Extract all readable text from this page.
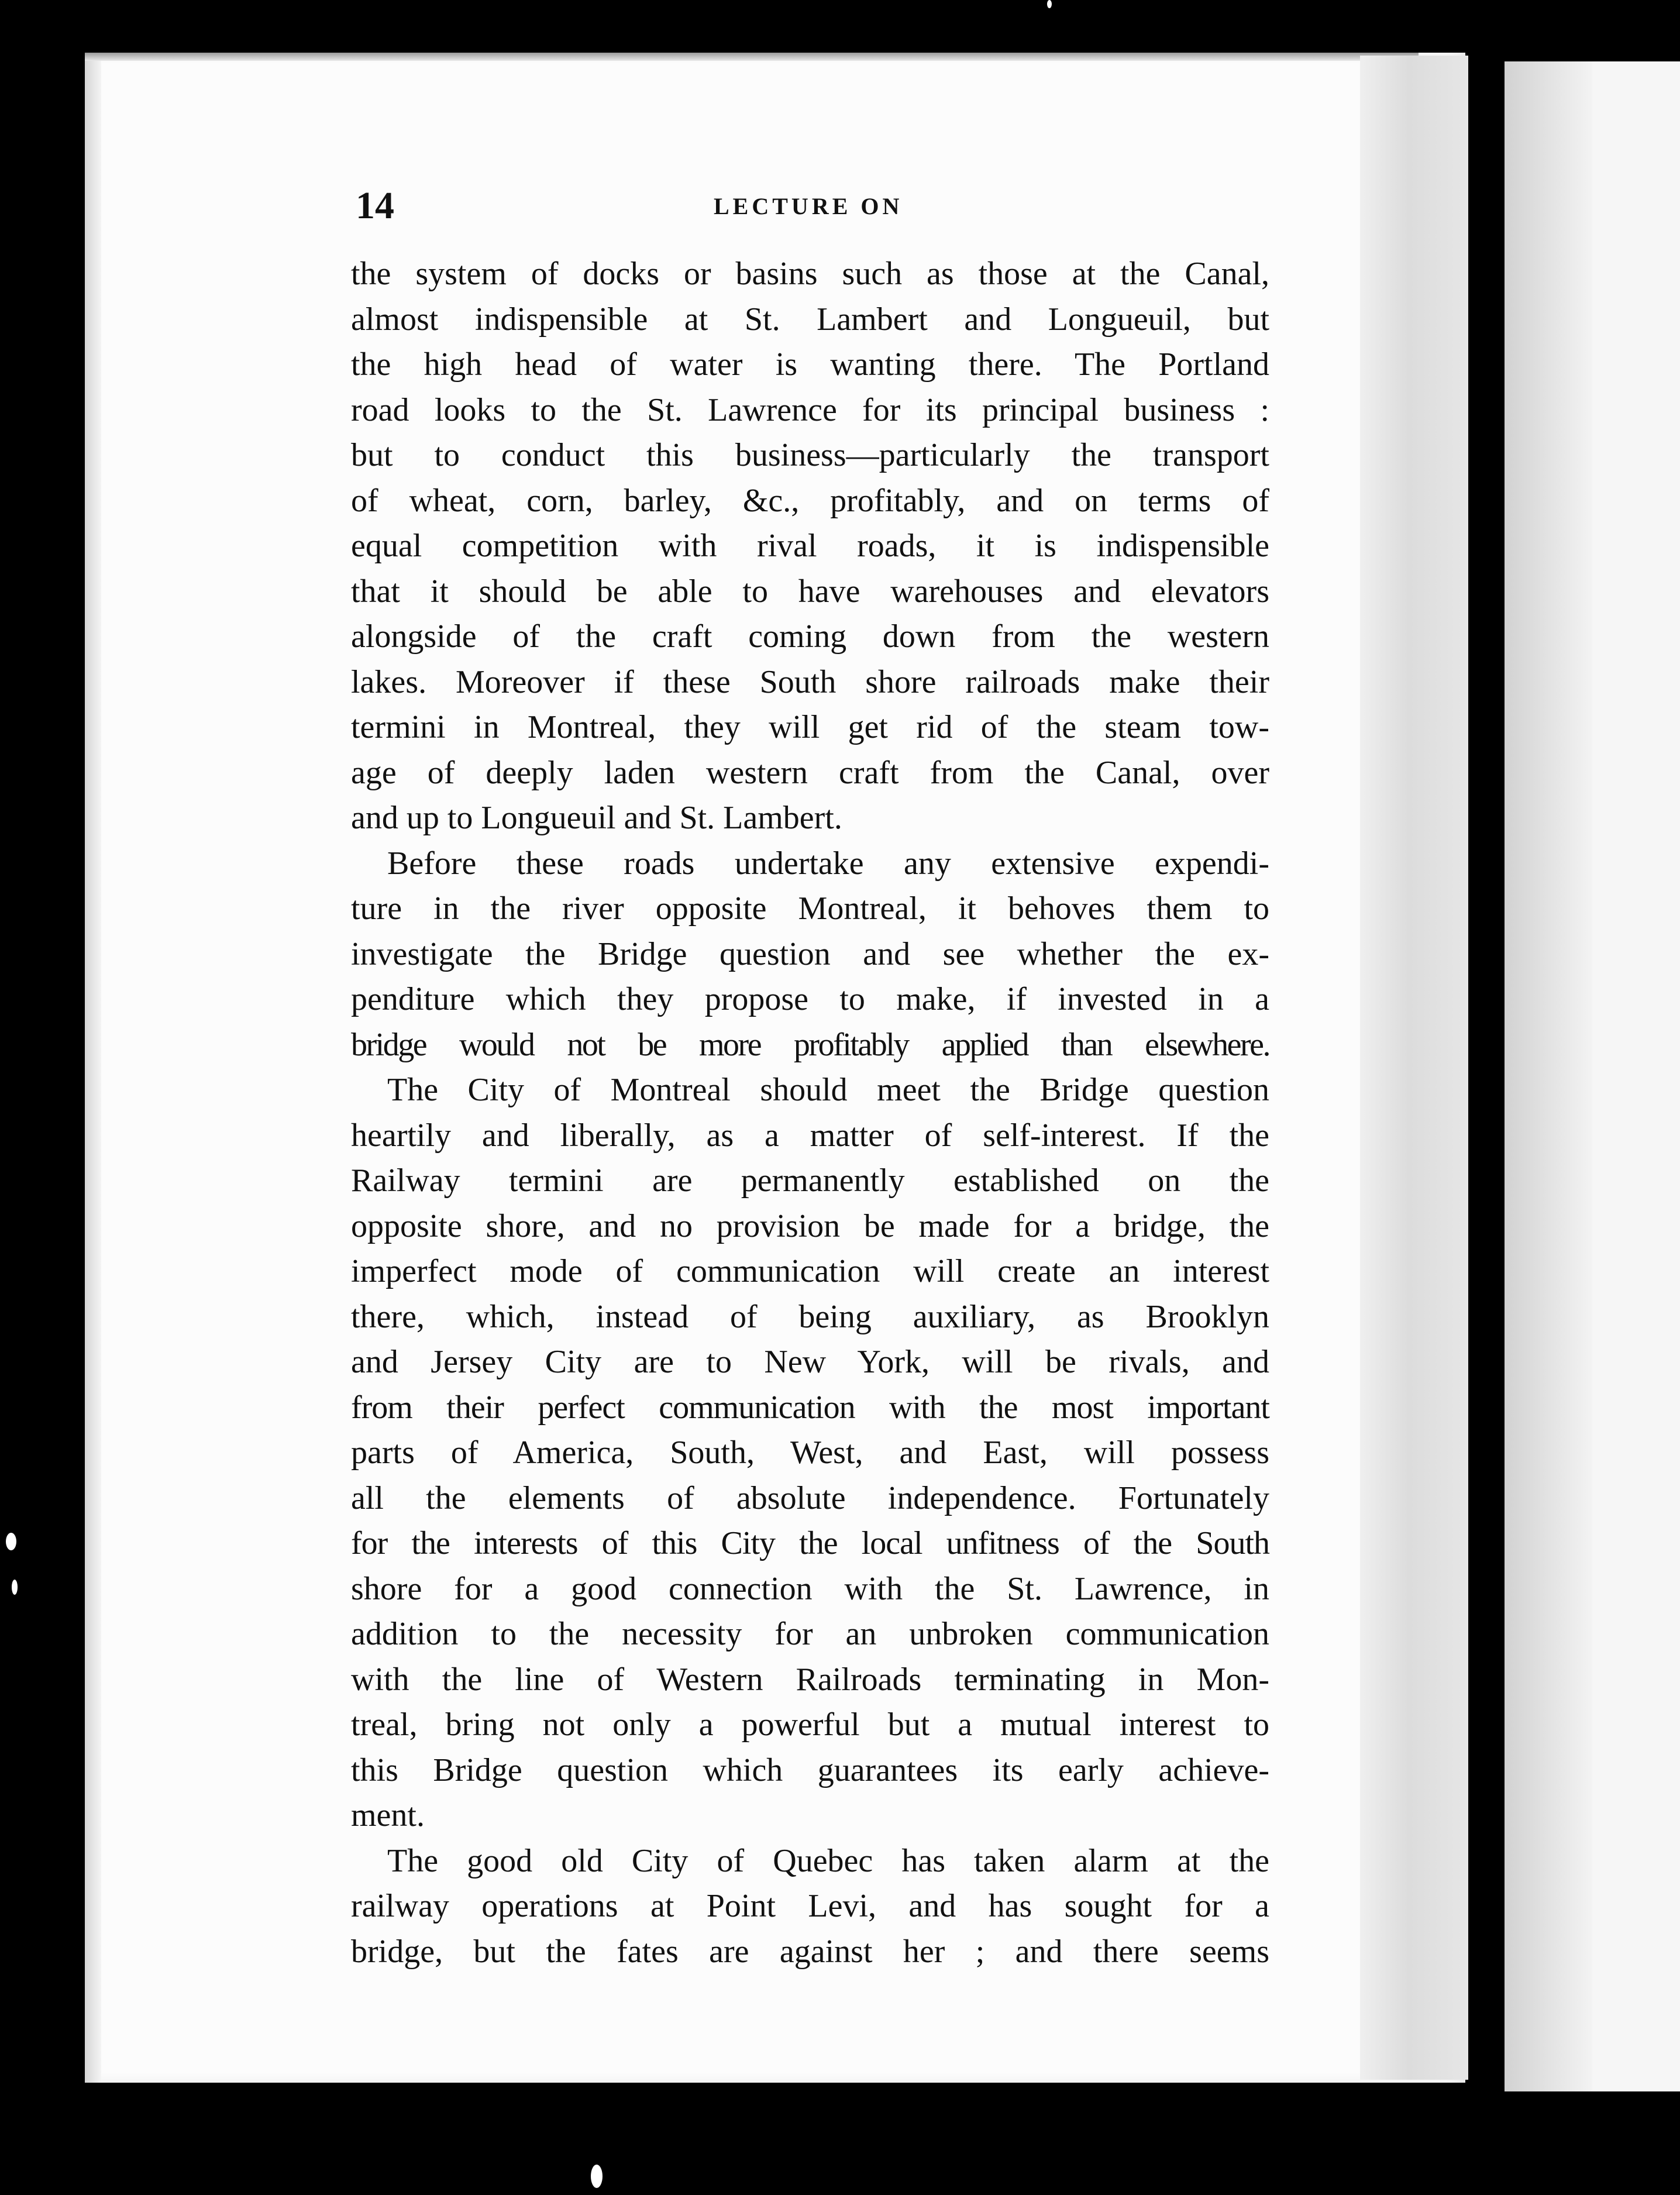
14	LECTURE ON
the system of docks or basins such as those at the Canal,
almost indispensible at St. Lambert and Longueuil, but
the high head of water is wanting there. The Portland
road looks to the St. Lawrence for its principal business :
but to conduct this business—particularly the transport
of wheat, corn, barley, &c., profitably, and on terms of
equal competition with rival roads, it is indispensible
that it should be able to have warehouses and elevators
alongside of the craft coming down from the western
lakes. Moreover if these South shore railroads make their
termini in Montreal, they will get rid of the steam tow-
age of deeply laden western craft from the Canal, over
and up to Longueuil and St. Lambert.
Before these roads undertake any extensive expendi-
ture in the river opposite Montreal, it behoves them to
investigate the Bridge question and see whether the ex-
penditure which they propose to make, if invested in a
bridge would not be more profitably applied than elsewhere.
The City of Montreal should meet the Bridge question
heartily and liberally, as a matter of self-interest. If the
Railway termini are permanently established on the
opposite shore, and no provision be made for a bridge, the
imperfect mode of communication will create an interest
there, which, instead of being auxiliary, as Brooklyn
and Jersey City are to New York, will be rivals, and
from their perfect communication with the most important
parts of America, South, West, and East, will possess
all the elements of absolute independence. Fortunately
for the interests of this City the local unfitness of the South
shore for a good connection with the St. Lawrence, in
addition to the necessity for an unbroken communication
with the line of Western Railroads terminating in Mon-
treal, bring not only a powerful but a mutual interest to
this Bridge question which guarantees its early achieve-
ment.
The good old City of Quebec has taken alarm at the
railway operations at Point Levi, and has sought for a
bridge, but the fates are against her ; and there seems
